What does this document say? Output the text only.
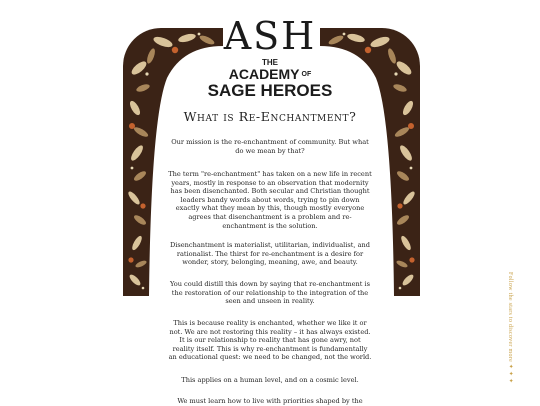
ASH
THE
ACADEMY $^{OF}$
SAGE HEROES
What is Re-Enchantment?

Our mission is the re-enchantment of community. But what do we mean by that?

The term "re-enchantment" has taken on a new life in recent years, mostly in response to an observation that modernity has been disenchanted. Both secular and Christian thought leaders bandy words about words, trying to pin down exactly what they mean by this, though mostly everyone agrees that disenchantment is a problem and re-enchantment is the solution.

Disenchantment is materialist, utilitarian, individualist, and rationalist. The thirst for re-enchantment is a desire for wonder, story, belonging, meaning, awe, and beauty.

You could distill this down by saying that re-enchantment is the restoration of our relationship to the integration of the seen and unseen in reality.

This is because reality is enchanted, whether we like it or not. We are not restoring this reality – it has always existed. It is our relationship to reality that has gone awry, not reality itself. This is why re-enchantment is fundamentally an educational quest: we need to be changed, not the world.

This applies on a human level, and on a cosmic level.

We must learn how to live with priorities shaped by the

Follow the stars to discover more ✦ ✦ ✦
